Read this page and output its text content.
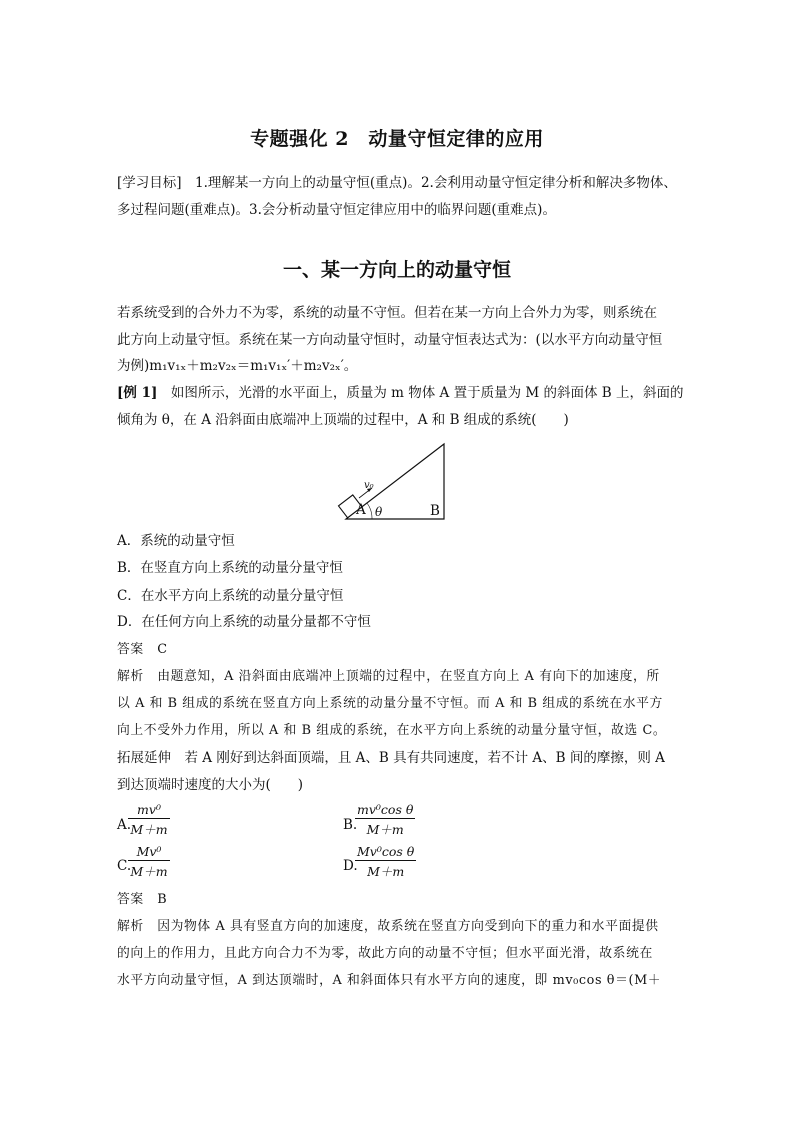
专题强化 2　动量守恒定律的应用
[学习目标]　1.理解某一方向上的动量守恒(重点)。2.会利用动量守恒定律分析和解决多物体、
多过程问题(重难点)。3.会分析动量守恒定律应用中的临界问题(重难点)。
一、某一方向上的动量守恒
若系统受到的合外力不为零，系统的动量不守恒。但若在某一方向上合外力为零，则系统在
此方向上动量守恒。系统在某一方向动量守恒时，动量守恒表达式为：(以水平方向动量守恒
为例)m₁v₁ₓ＋m₂v₂ₓ＝m₁v₁ₓ′＋m₂v₂ₓ′。
[例 1]　如图所示，光滑的水平面上，质量为 m 物体 A 置于质量为 M 的斜面体 B 上，斜面的
倾角为 θ，在 A 沿斜面由底端冲上顶端的过程中，A 和 B 组成的系统(　　)
A	B
θ
v₀
A．系统的动量守恒
B．在竖直方向上系统的动量分量守恒
C．在水平方向上系统的动量分量守恒
D．在任何方向上系统的动量分量都不守恒
答案　C
解析　由题意知，A 沿斜面由底端冲上顶端的过程中，在竖直方向上 A 有向下的加速度，所
以 A 和 B 组成的系统在竖直方向上系统的动量分量不守恒。而 A 和 B 组成的系统在水平方
向上不受外力作用，所以 A 和 B 组成的系统，在水平方向上系统的动量分量守恒，故选 C。
拓展延伸　若 A 刚好到达斜面顶端，且 A、B 具有共同速度，若不计 A、B 间的摩擦，则 A
到达顶端时速度的大小为(　　)
A.
$\frac{\text{mv⁰}}{M+m}$	B.
$\frac{\text{mv⁰cos θ}}{M+m}$
C.
$\frac{\text{Mv⁰}}{M+m}$	D.
$\frac{\text{Mv⁰cos θ}}{M+m}$
答案　B
解析　因为物体 A 具有竖直方向的加速度，故系统在竖直方向受到向下的重力和水平面提供
的向上的作用力，且此方向合力不为零，故此方向的动量不守恒；但水平面光滑，故系统在
水平方向动量守恒，A 到达顶端时，A 和斜面体只有水平方向的速度，即 mv₀cos θ＝(M＋
